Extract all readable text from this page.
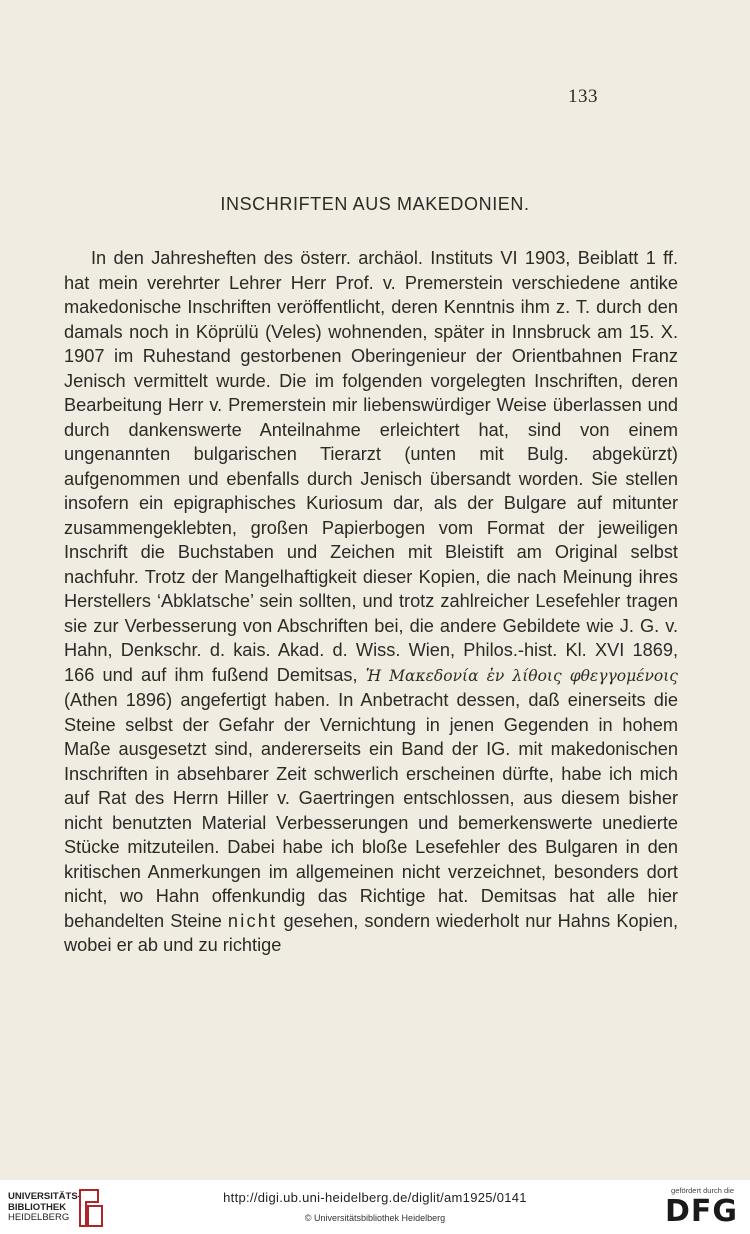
133
INSCHRIFTEN AUS MAKEDONIEN.

In den Jahresheften des österr. archäol. Instituts VI 1903, Beiblatt 1 ff. hat mein verehrter Lehrer Herr Prof. v. Premerstein verschiedene antike makedonische Inschriften veröffentlicht, deren Kenntnis ihm z. T. durch den damals noch in Köprülü (Veles) wohnenden, später in Innsbruck am 15. X. 1907 im Ruhestand gestorbenen Oberingenieur der Orientbahnen Franz Jenisch vermittelt wurde. Die im folgenden vorgelegten Inschriften, deren Bearbeitung Herr v. Premerstein mir liebenswürdiger Weise überlassen und durch dankenswerte Anteilnahme erleichtert hat, sind von einem ungenannten bulgarischen Tierarzt (unten mit Bulg. abgekürzt) aufgenommen und ebenfalls durch Jenisch übersandt worden. Sie stellen insofern ein epigraphisches Kuriosum dar, als der Bulgare auf mitunter zusammengeklebten, großen Papierbogen vom Format der jeweiligen Inschrift die Buchstaben und Zeichen mit Bleistift am Original selbst nachfuhr. Trotz der Mangelhaftigkeit dieser Kopien, die nach Meinung ihres Herstellers ‘Abklatsche’ sein sollten, und trotz zahlreicher Lesefehler tragen sie zur Verbesserung von Abschriften bei, die andere Gebildete wie J. G. v. Hahn, Denkschr. d. kais. Akad. d. Wiss. Wien, Philos.-hist. Kl. XVI 1869, 166 und auf ihm fußend Demitsas, Ἡ Μακεδονία ἐν λίθοις φθεγγομένοις (Athen 1896) angefertigt haben. In Anbetracht dessen, daß einerseits die Steine selbst der Gefahr der Vernichtung in jenen Gegenden in hohem Maße ausgesetzt sind, andererseits ein Band der IG. mit makedonischen Inschriften in absehbarer Zeit schwerlich erscheinen dürfte, habe ich mich auf Rat des Herrn Hiller v. Gaertringen entschlossen, aus diesem bisher nicht benutzten Material Verbesserungen und bemerkenswerte unedierte Stücke mitzuteilen. Dabei habe ich bloße Lesefehler des Bulgaren in den kritischen Anmerkungen im allgemeinen nicht verzeichnet, besonders dort nicht, wo Hahn offenkundig das Richtige hat. Demitsas hat alle hier behandelten Steine nicht gesehen, sondern wiederholt nur Hahns Kopien, wobei er ab und zu richtige

UNIVERSITÄTS-
BIBLIOTHEK
HEIDELBERG
http://digi.ub.uni-heidelberg.de/diglit/am1925/0141
© Universitätsbibliothek Heidelberg
gefördert durch die
DFG
